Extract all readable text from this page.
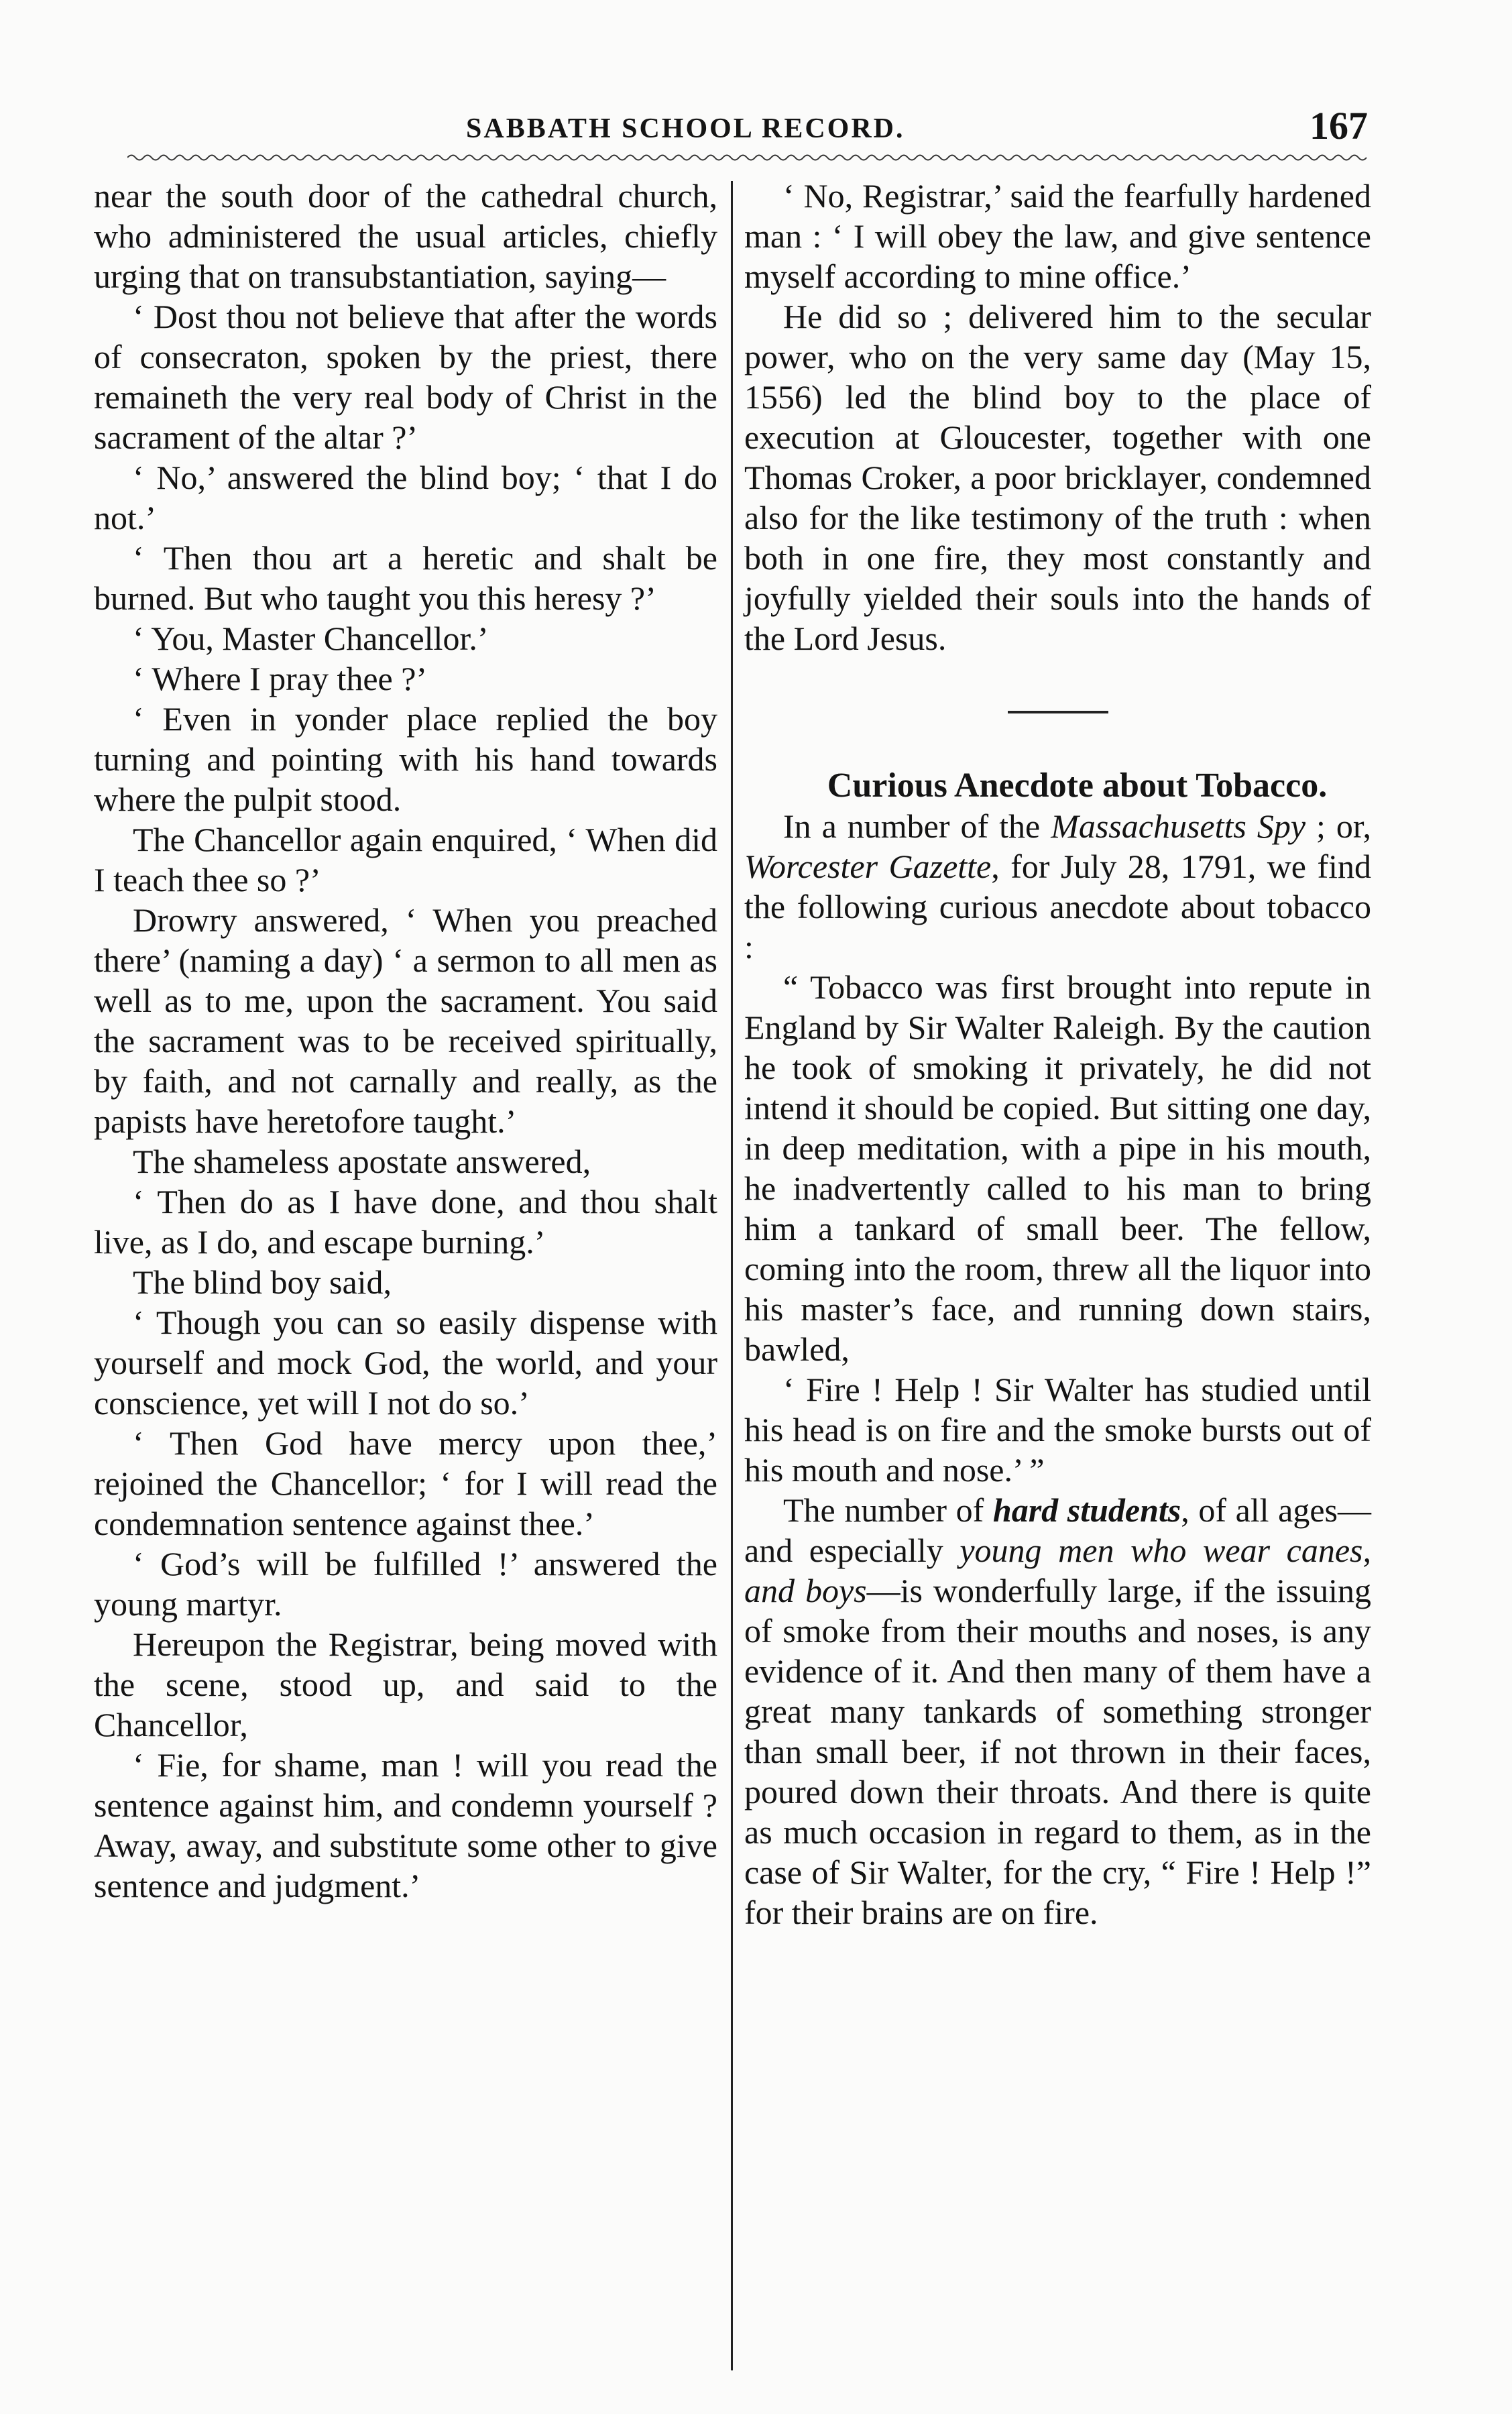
SABBATH SCHOOL RECORD.	167

near the south door of the cathedral church, who administered the usual articles, chiefly urging that on transubstantiation, saying—

‘ Dost thou not believe that after the words of consecraton, spoken by the priest, there remaineth the very real body of Christ in the sacrament of the altar ?’

‘ No,’ answered the blind boy; ‘ that I do not.’

‘ Then thou art a heretic and shalt be burned. But who taught you this heresy ?’

‘ You, Master Chancellor.’

‘ Where I pray thee ?’

‘ Even in yonder place replied the boy turning and pointing with his hand towards where the pulpit stood.

The Chancellor again enquired, ‘ When did I teach thee so ?’

Drowry answered, ‘ When you preached there’ (naming a day) ‘ a sermon to all men as well as to me, upon the sacrament. You said the sacrament was to be received spiritually, by faith, and not carnally and really, as the papists have heretofore taught.’

The shameless apostate answered,

‘ Then do as I have done, and thou shalt live, as I do, and escape burning.’

The blind boy said,

‘ Though you can so easily dispense with yourself and mock God, the world, and your conscience, yet will I not do so.’

‘ Then God have mercy upon thee,’ rejoined the Chancellor; ‘ for I will read the condemnation sentence against thee.’

‘ God’s will be fulfilled !’ answered the young martyr.

Hereupon the Registrar, being moved with the scene, stood up, and said to the Chancellor,

‘ Fie, for shame, man ! will you read the sentence against him, and condemn yourself ? Away, away, and substitute some other to give sentence and judgment.’

‘ No, Registrar,’ said the fearfully hardened man : ‘ I will obey the law, and give sentence myself according to mine office.’

He did so ; delivered him to the secular power, who on the very same day (May 15, 1556) led the blind boy to the place of execution at Gloucester, together with one Thomas Croker, a poor bricklayer, condemned also for the like testimony of the truth : when both in one fire, they most constantly and joyfully yielded their souls into the hands of the Lord Jesus.

Curious Anecdote about Tobacco.

In a number of the Massachusetts Spy ; or, Worcester Gazette, for July 28, 1791, we find the following curious anecdote about tobacco :

“ Tobacco was first brought into repute in England by Sir Walter Raleigh. By the caution he took of smoking it privately, he did not intend it should be copied. But sitting one day, in deep meditation, with a pipe in his mouth, he inadvertently called to his man to bring him a tankard of small beer. The fellow, coming into the room, threw all the liquor into his master’s face, and running down stairs, bawled,

‘ Fire ! Help ! Sir Walter has studied until his head is on fire and the smoke bursts out of his mouth and nose.’ ”

The number of hard students, of all ages—and especially young men who wear canes, and boys—is wonderfully large, if the issuing of smoke from their mouths and noses, is any evidence of it. And then many of them have a great many tankards of something stronger than small beer, if not thrown in their faces, poured down their throats. And there is quite as much occasion in regard to them, as in the case of Sir Walter, for the cry, “ Fire ! Help !” for their brains are on fire.
